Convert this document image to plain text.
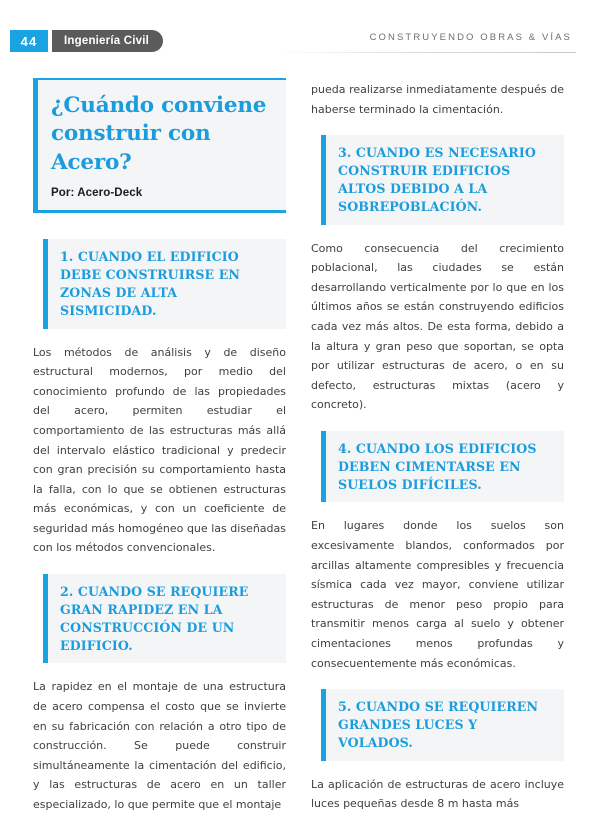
44	Ingeniería Civil	CONSTRUYENDO OBRAS & VÍAS
¿Cuándo conviene construir con Acero?

Por: Acero-Deck

1. CUANDO EL EDIFICIO DEBE CONSTRUIRSE EN ZONAS DE ALTA SISMICIDAD.

Los métodos de análisis y de diseño estructural modernos, por medio del conocimiento profundo de las propiedades del acero, permiten estudiar el comportamiento de las estructuras más allá del intervalo elástico tradicional y predecir con gran precisión su comportamiento hasta la falla, con lo que se obtienen estructuras más económicas, y con un coeficiente de seguridad más homogéneo que las diseñadas con los métodos convencionales.

2. CUANDO SE REQUIERE GRAN RAPIDEZ EN LA CONSTRUCCIÓN DE UN EDIFICIO.

La rapidez en el montaje de una estructura de acero compensa el costo que se invierte en su fabricación con relación a otro tipo de construcción. Se puede construir simultáneamente la cimentación del edificio, y las estructuras de acero en un taller especializado, lo que permite que el montaje

pueda realizarse inmediatamente después de haberse terminado la cimentación.

3. CUANDO ES NECESARIO CONSTRUIR EDIFICIOS ALTOS DEBIDO A LA SOBREPOBLACIÓN.

Como consecuencia del crecimiento poblacional, las ciudades se están desarrollando verticalmente por lo que en los últimos años se están construyendo edificios cada vez más altos. De esta forma, debido a la altura y gran peso que soportan, se opta por utilizar estructuras de acero, o en su defecto, estructuras mixtas (acero y concreto).

4. CUANDO LOS EDIFICIOS DEBEN CIMENTARSE EN SUELOS DIFÍCILES.

En lugares donde los suelos son excesivamente blandos, conformados por arcillas altamente compresibles y frecuencia sísmica cada vez mayor, conviene utilizar estructuras de menor peso propio para transmitir menos carga al suelo y obtener cimentaciones menos profundas y consecuentemente más económicas.

5. CUANDO SE REQUIEREN GRANDES LUCES Y VOLADOS.

La aplicación de estructuras de acero incluye luces pequeñas desde 8 m hasta más
